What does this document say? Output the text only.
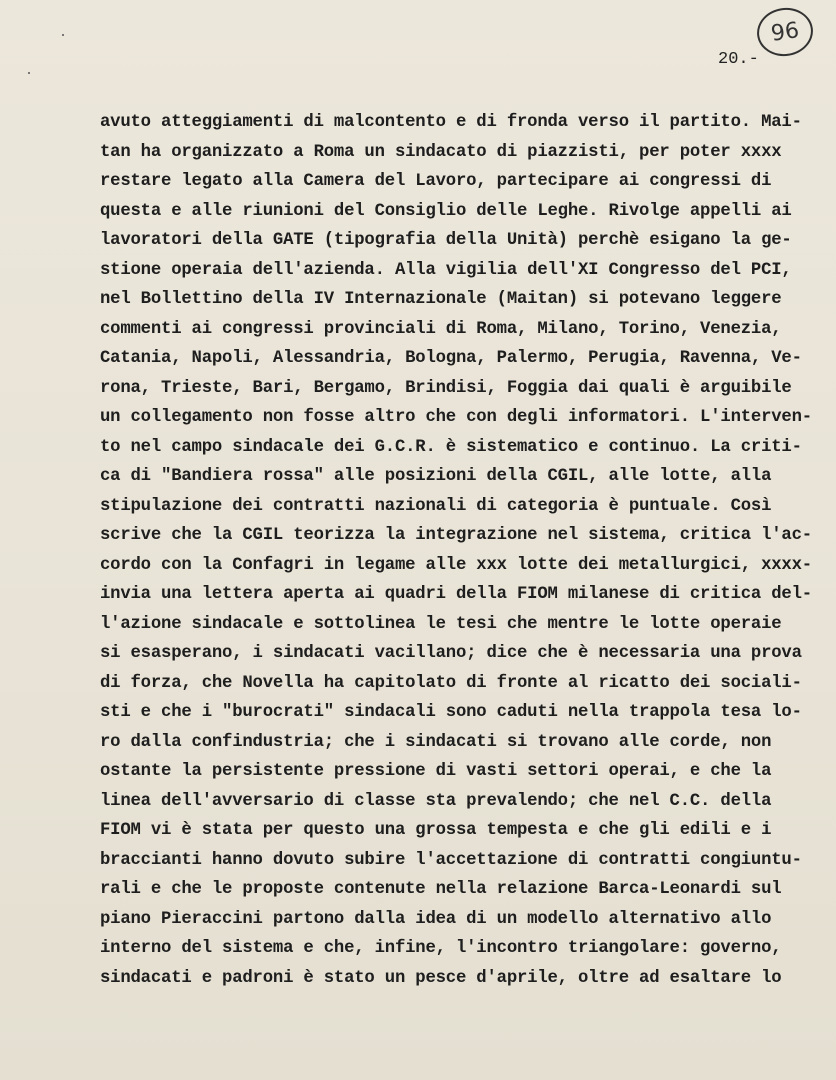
96
20.-
avuto atteggiamenti di malcontento e di fronda verso il partito. Mai-
tan ha organizzato a Roma un sindacato di piazzisti, per poter xxxx
restare legato alla Camera del Lavoro, partecipare ai congressi di
questa e alle riunioni del Consiglio delle Leghe. Rivolge appelli ai
lavoratori della GATE (tipografia della Unità) perchè esigano la ge-
stione operaia dell'azienda. Alla vigilia dell'XI Congresso del PCI,
nel Bollettino della IV Internazionale (Maitan) si potevano leggere
commenti ai congressi provinciali di Roma, Milano, Torino, Venezia,
Catania, Napoli, Alessandria, Bologna, Palermo, Perugia, Ravenna, Ve-
rona, Trieste, Bari, Bergamo, Brindisi, Foggia dai quali è arguibile
un collegamento non fosse altro che con degli informatori. L'interven-
to nel campo sindacale dei G.C.R. è sistematico e continuo. La criti-
ca di "Bandiera rossa" alle posizioni della CGIL, alle lotte, alla
stipulazione dei contratti nazionali di categoria è puntuale. Così
scrive che la CGIL teorizza la integrazione nel sistema, critica l'ac-
cordo con la Confagri in legame alle xxx lotte dei metallurgici, xxxx-
invia una lettera aperta ai quadri della FIOM milanese di critica del-
l'azione sindacale e sottolinea le tesi che mentre le lotte operaie
si esasperano, i sindacati vacillano; dice che è necessaria una prova
di forza, che Novella ha capitolato di fronte al ricatto dei sociali-
sti e che i "burocrati" sindacali sono caduti nella trappola tesa lo-
ro dalla confindustria; che i sindacati si trovano alle corde, non
ostante la persistente pressione di vasti settori operai, e che la
linea dell'avversario di classe sta prevalendo; che nel C.C. della
FIOM vi è stata per questo una grossa tempesta e che gli edili e i
braccianti hanno dovuto subire l'accettazione di contratti congiuntu-
rali e che le proposte contenute nella relazione Barca-Leonardi sul
piano Pieraccini partono dalla idea di un modello alternativo allo
interno del sistema e che, infine, l'incontro triangolare: governo,
sindacati e padroni è stato un pesce d'aprile, oltre ad esaltare lo
